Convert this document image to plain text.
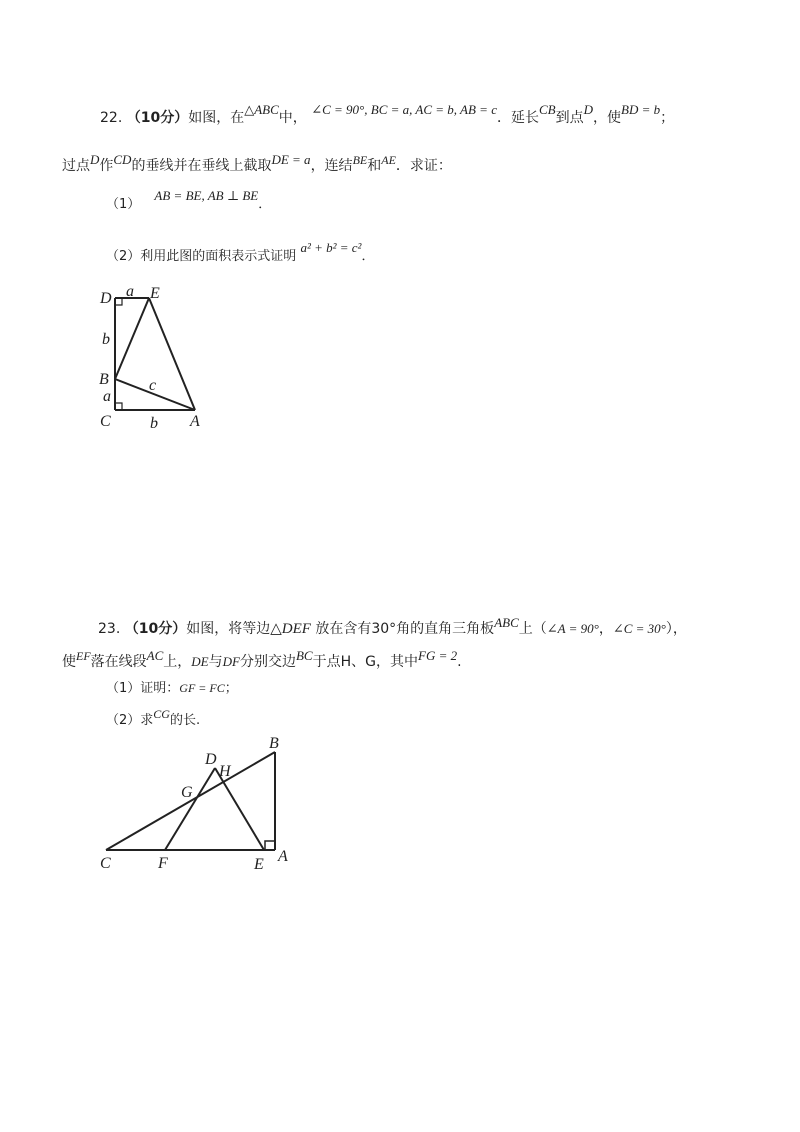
22. （10分）如图，在△ABC中， ∠C = 90°, BC = a, AC = b, AB = c．延长CB到点D，使BD = b；
过点D作CD的垂线并在垂线上截取DE = a，连结BE和AE．求证：
（1） AB = BE, AB ⊥ BE．
（2）利用此图的面积表示式证明 a² + b² = c²．
D a E
b
B	c
a
C b A
23. （10分）如图，将等边△DEF 放在含有30°角的直角三角板ABC上（∠A = 90°，∠C = 30°），
使EF落在线段AC上，DE与DF分别交边BC于点H、G，其中FG = 2.
（1）证明：GF = FC；
（2）求CG的长.
B
D
H
G
C	F	E A
